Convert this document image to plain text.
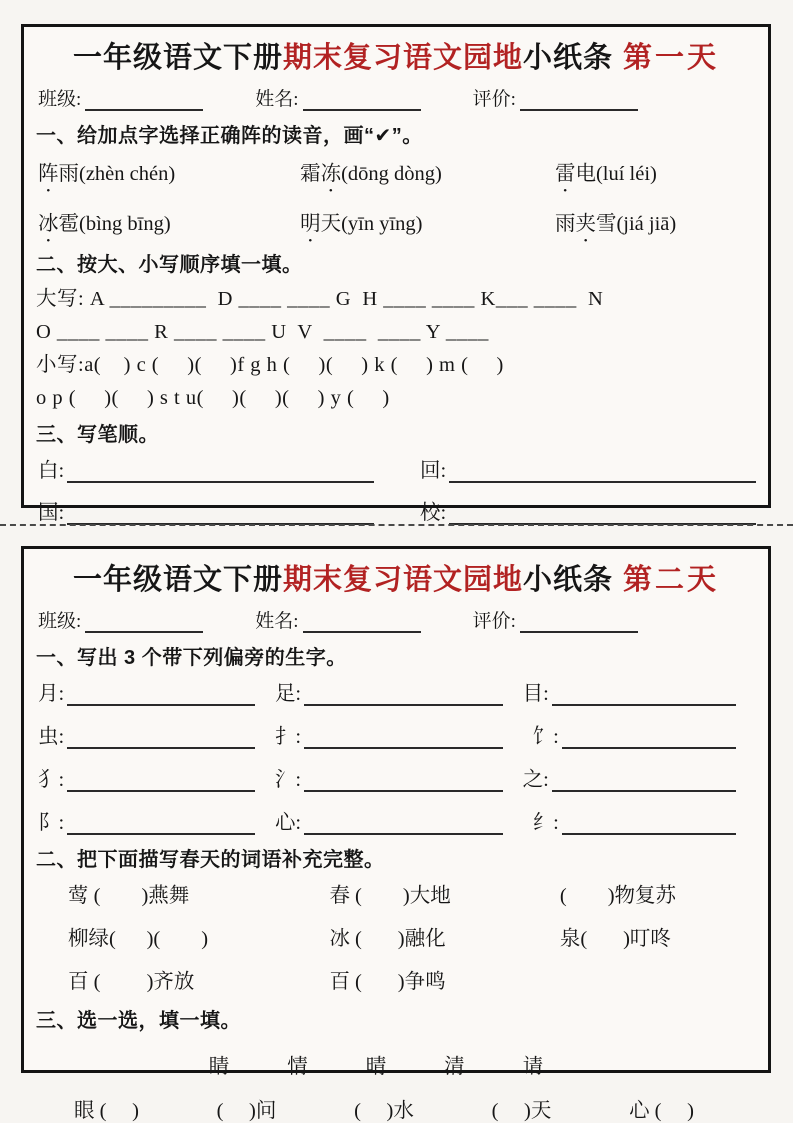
一年级语文下册期末复习语文园地小纸条 第一天
班级:	姓名:	评价:
一、给加点字选择正确阵的读音，画“✔”。
阵雨(zhèn chén)	霜冻(dōng dòng)	雷电(luí léi)
冰雹(bìng bīng)	明天(yīn yīng)	雨夹雪(jiá jiā)
二、按大、小写顺序填一填。
大写: A _________  D ____ ____ G  H ____ ____ K___ ____  N
O ____ ____ R ____ ____ U  V  ____  ____ Y ____
小写:a(    ) c (     )(     )f g h (     )(     ) k (     ) m (     )
o p (     )(     ) s t u(     )(     )(     ) y (     )
三、写笔顺。
白:	回:
国:	校:
一年级语文下册期末复习语文园地小纸条 第二天
班级:	姓名:	评价:
一、写出 3 个带下列偏旁的生字。
月:	足:	目:
虫:	扌:	饣:
犭:	氵:	之:
阝:	心:	纟:
二、把下面描写春天的词语补充完整。
莺 (        )燕舞	春 (        )大地	(        )物复苏
柳绿(      )(        )	冰 (       )融化	泉(       )叮咚
百 (         )齐放	百 (       )争鸣
三、选一选，填一填。
睛	情	晴	清	请
眼 (     )	(     )问	(     )水	(     )天	心 (     )
